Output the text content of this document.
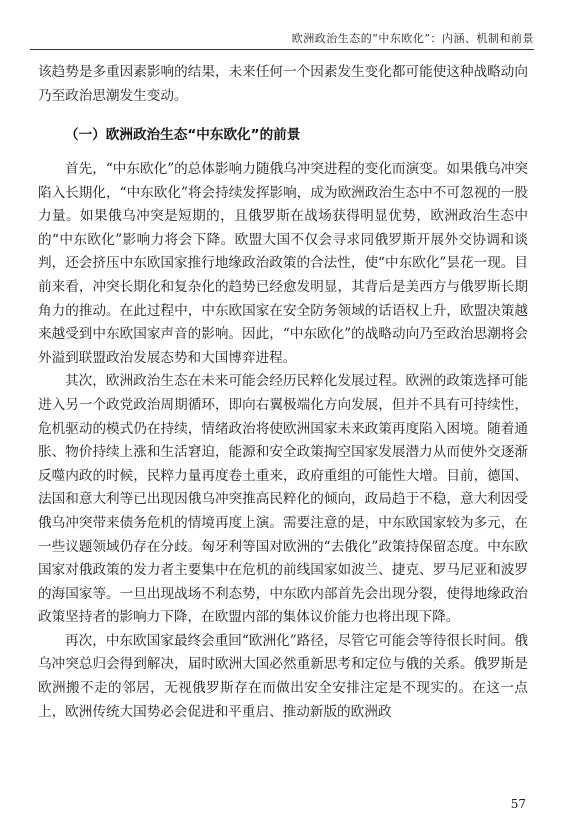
欧洲政治生态的“中东欧化”：内涵、机制和前景

该趋势是多重因素影响的结果，未来任何一个因素发生变化都可能使这种战略动向乃至政治思潮发生变动。

（一）欧洲政治生态“中东欧化”的前景

首先，“中东欧化”的总体影响力随俄乌冲突进程的变化而演变。如果俄乌冲突陷入长期化，“中东欧化”将会持续发挥影响，成为欧洲政治生态中不可忽视的一股力量。如果俄乌冲突是短期的，且俄罗斯在战场获得明显优势，欧洲政治生态中的“中东欧化”影响力将会下降。欧盟大国不仅会寻求同俄罗斯开展外交协调和谈判，还会挤压中东欧国家推行地缘政治政策的合法性，使“中东欧化”昙花一现。目前来看，冲突长期化和复杂化的趋势已经愈发明显，其背后是美西方与俄罗斯长期角力的推动。在此过程中，中东欧国家在安全防务领域的话语权上升，欧盟决策越来越受到中东欧国家声音的影响。因此，“中东欧化”的战略动向乃至政治思潮将会外溢到联盟政治发展态势和大国博弈进程。

其次，欧洲政治生态在未来可能会经历民粹化发展过程。欧洲的政策选择可能进入另一个政党政治周期循环，即向右翼极端化方向发展，但并不具有可持续性，危机驱动的模式仍在持续，情绪政治将使欧洲国家未来政策再度陷入困境。随着通胀、物价持续上涨和生活窘迫，能源和安全政策掏空国家发展潜力从而使外交逐渐反噬内政的时候，民粹力量再度卷土重来，政府重组的可能性大增。目前，德国、法国和意大利等已出现因俄乌冲突推高民粹化的倾向，政局趋于不稳，意大利因受俄乌冲突带来债务危机的情境再度上演。需要注意的是，中东欧国家较为多元，在一些议题领域仍存在分歧。匈牙利等国对欧洲的“去俄化”政策持保留态度。中东欧国家对俄政策的发力者主要集中在危机的前线国家如波兰、捷克、罗马尼亚和波罗的海国家等。一旦出现战场不利态势，中东欧内部首先会出现分裂，使得地缘政治政策坚持者的影响力下降，在欧盟内部的集体议价能力也将出现下降。

再次，中东欧国家最终会重回“欧洲化”路径，尽管它可能会等待很长时间。俄乌冲突总归会得到解决，届时欧洲大国必然重新思考和定位与俄的关系。俄罗斯是欧洲搬不走的邻居，无视俄罗斯存在而做出安全安排注定是不现实的。在这一点上，欧洲传统大国势必会促进和平重启、推动新版的欧洲政

57
